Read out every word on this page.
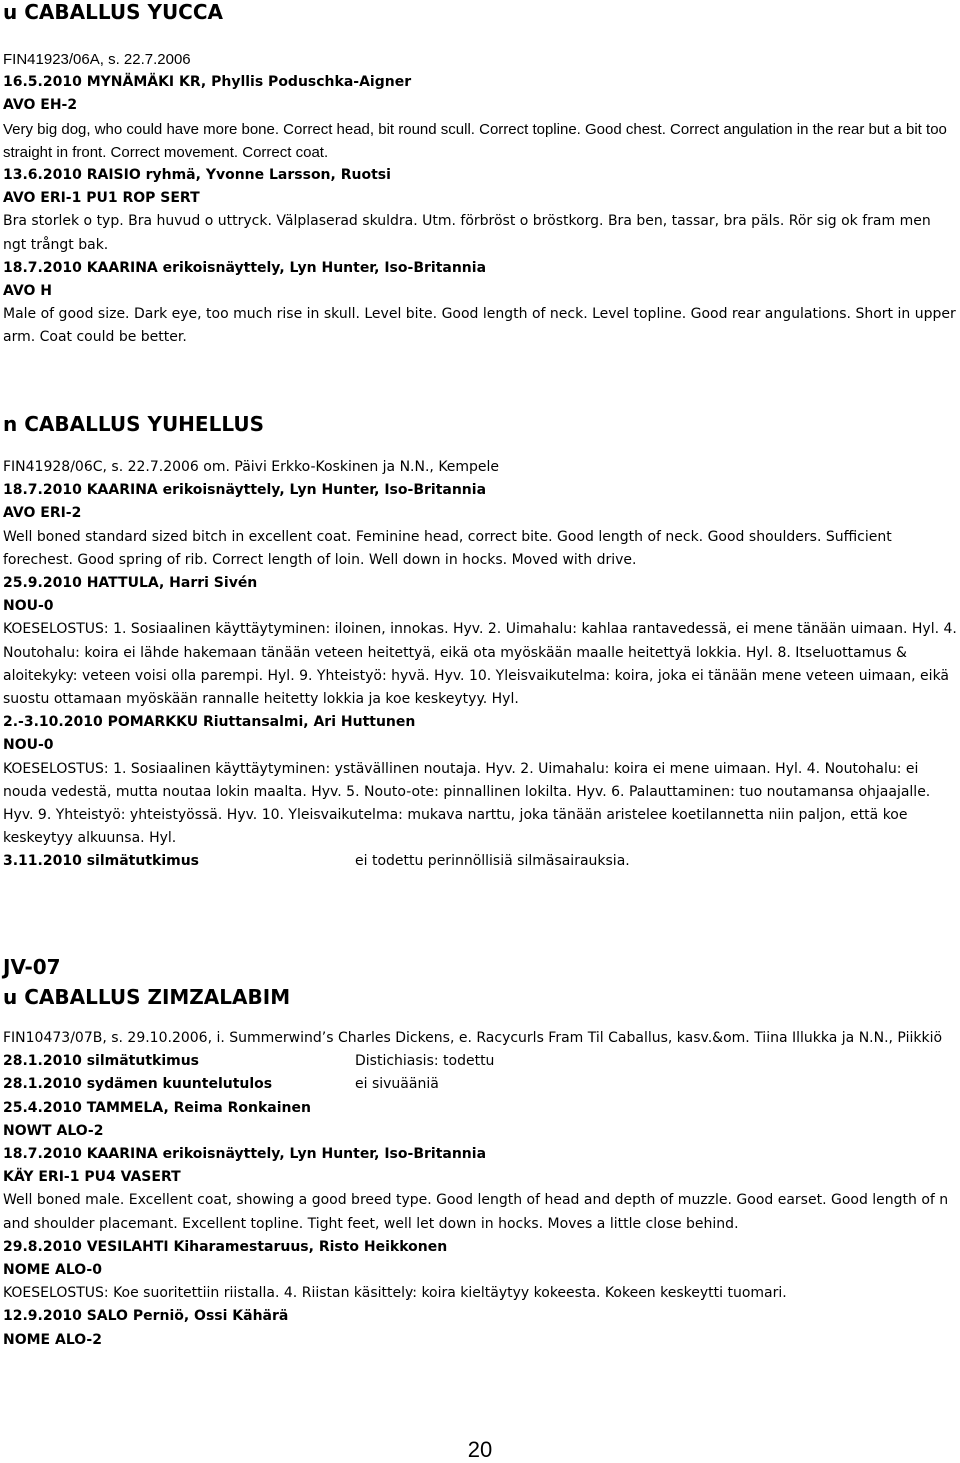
u CABALLUS YUCCA
FIN41923/06A, s. 22.7.2006
16.5.2010 MYNÄMÄKI KR, Phyllis Poduschka-Aigner
AVO EH-2

Very big dog, who could have more bone. Correct head, bit round scull. Correct topline. Good chest. Correct angulation in the rear but a bit too straight in front. Correct movement. Correct coat.

13.6.2010 RAISIO ryhmä, Yvonne Larsson, Ruotsi
AVO ERI-1 PU1 ROP SERT

Bra storlek o typ. Bra huvud o uttryck. Välplaserad skuldra. Utm. förbröst o bröstkorg. Bra ben, tassar, bra päls. Rör sig ok fram men ngt trångt bak.

18.7.2010 KAARINA erikoisnäyttely, Lyn Hunter, Iso-Britannia
AVO H

Male of good size. Dark eye, too much rise in skull. Level bite. Good length of neck. Level topline. Good rear angulations. Short in upper arm. Coat could be better.

n CABALLUS YUHELLUS
FIN41928/06C, s. 22.7.2006 om. Päivi Erkko-Koskinen ja N.N., Kempele
18.7.2010 KAARINA erikoisnäyttely, Lyn Hunter, Iso-Britannia
AVO ERI-2

Well boned standard sized bitch in excellent coat. Feminine head, correct bite. Good length of neck. Good shoulders. Sufficient forechest. Good spring of rib. Correct length of loin. Well down in hocks. Moved with drive.

25.9.2010 HATTULA, Harri Sivén
NOU-0

KOESELOSTUS: 1. Sosiaalinen käyttäytyminen: iloinen, innokas. Hyv. 2. Uimahalu: kahlaa rantavedessä, ei mene tänään uimaan. Hyl. 4. Noutohalu: koira ei lähde hakemaan tänään veteen heitettyä, eikä ota myöskään maalle heitettyä lokkia. Hyl. 8. Itseluottamus & aloitekyky: veteen voisi olla parempi. Hyl. 9. Yhteistyö: hyvä. Hyv. 10. Yleisvaikutelma: koira, joka ei tänään mene veteen uimaan, eikä suostu ottamaan myöskään rannalle heitetty lokkia ja koe keskeytyy. Hyl.

2.-3.10.2010 POMARKKU Riuttansalmi, Ari Huttunen
NOU-0

KOESELOSTUS: 1. Sosiaalinen käyttäytyminen: ystävällinen noutaja. Hyv. 2. Uimahalu: koira ei mene uimaan. Hyl. 4. Noutohalu: ei nouda vedestä, mutta noutaa lokin maalta. Hyv. 5. Nouto-ote: pinnallinen lokilta. Hyv. 6. Palauttaminen: tuo noutamansa ohjaajalle. Hyv. 9. Yhteistyö: yhteistyössä. Hyv. 10. Yleisvaikutelma: mukava narttu, joka tänään aristelee koetilannetta niin paljon, että koe keskeytyy alkuunsa. Hyl.

3.11.2010 silmätutkimus	ei todettu perinnöllisiä silmäsairauksia.
JV-07
u CABALLUS ZIMZALABIM

FIN10473/07B, s. 29.10.2006, i. Summerwind’s Charles Dickens, e. Racycurls Fram Til Caballus, kasv.&om. Tiina Illukka ja N.N., Piikkiö

28.1.2010 silmätutkimus	Distichiasis: todettu
28.1.2010 sydämen kuuntelutulos	ei sivuääniä
25.4.2010 TAMMELA, Reima Ronkainen
NOWT ALO-2
18.7.2010 KAARINA erikoisnäyttely, Lyn Hunter, Iso-Britannia
KÄY ERI-1 PU4 VASERT

Well boned male. Excellent coat, showing a good breed type. Good length of head and depth of muzzle. Good earset. Good length of n and shoulder placemant. Excellent topline. Tight feet, well let down in hocks. Moves a little close behind.

29.8.2010 VESILAHTI Kiharamestaruus, Risto Heikkonen
NOME ALO-0

KOESELOSTUS: Koe suoritettiin riistalla. 4. Riistan käsittely: koira kieltäytyy kokeesta. Kokeen keskeytti tuomari.

12.9.2010 SALO Perniö, Ossi Kähärä
NOME ALO-2
20
